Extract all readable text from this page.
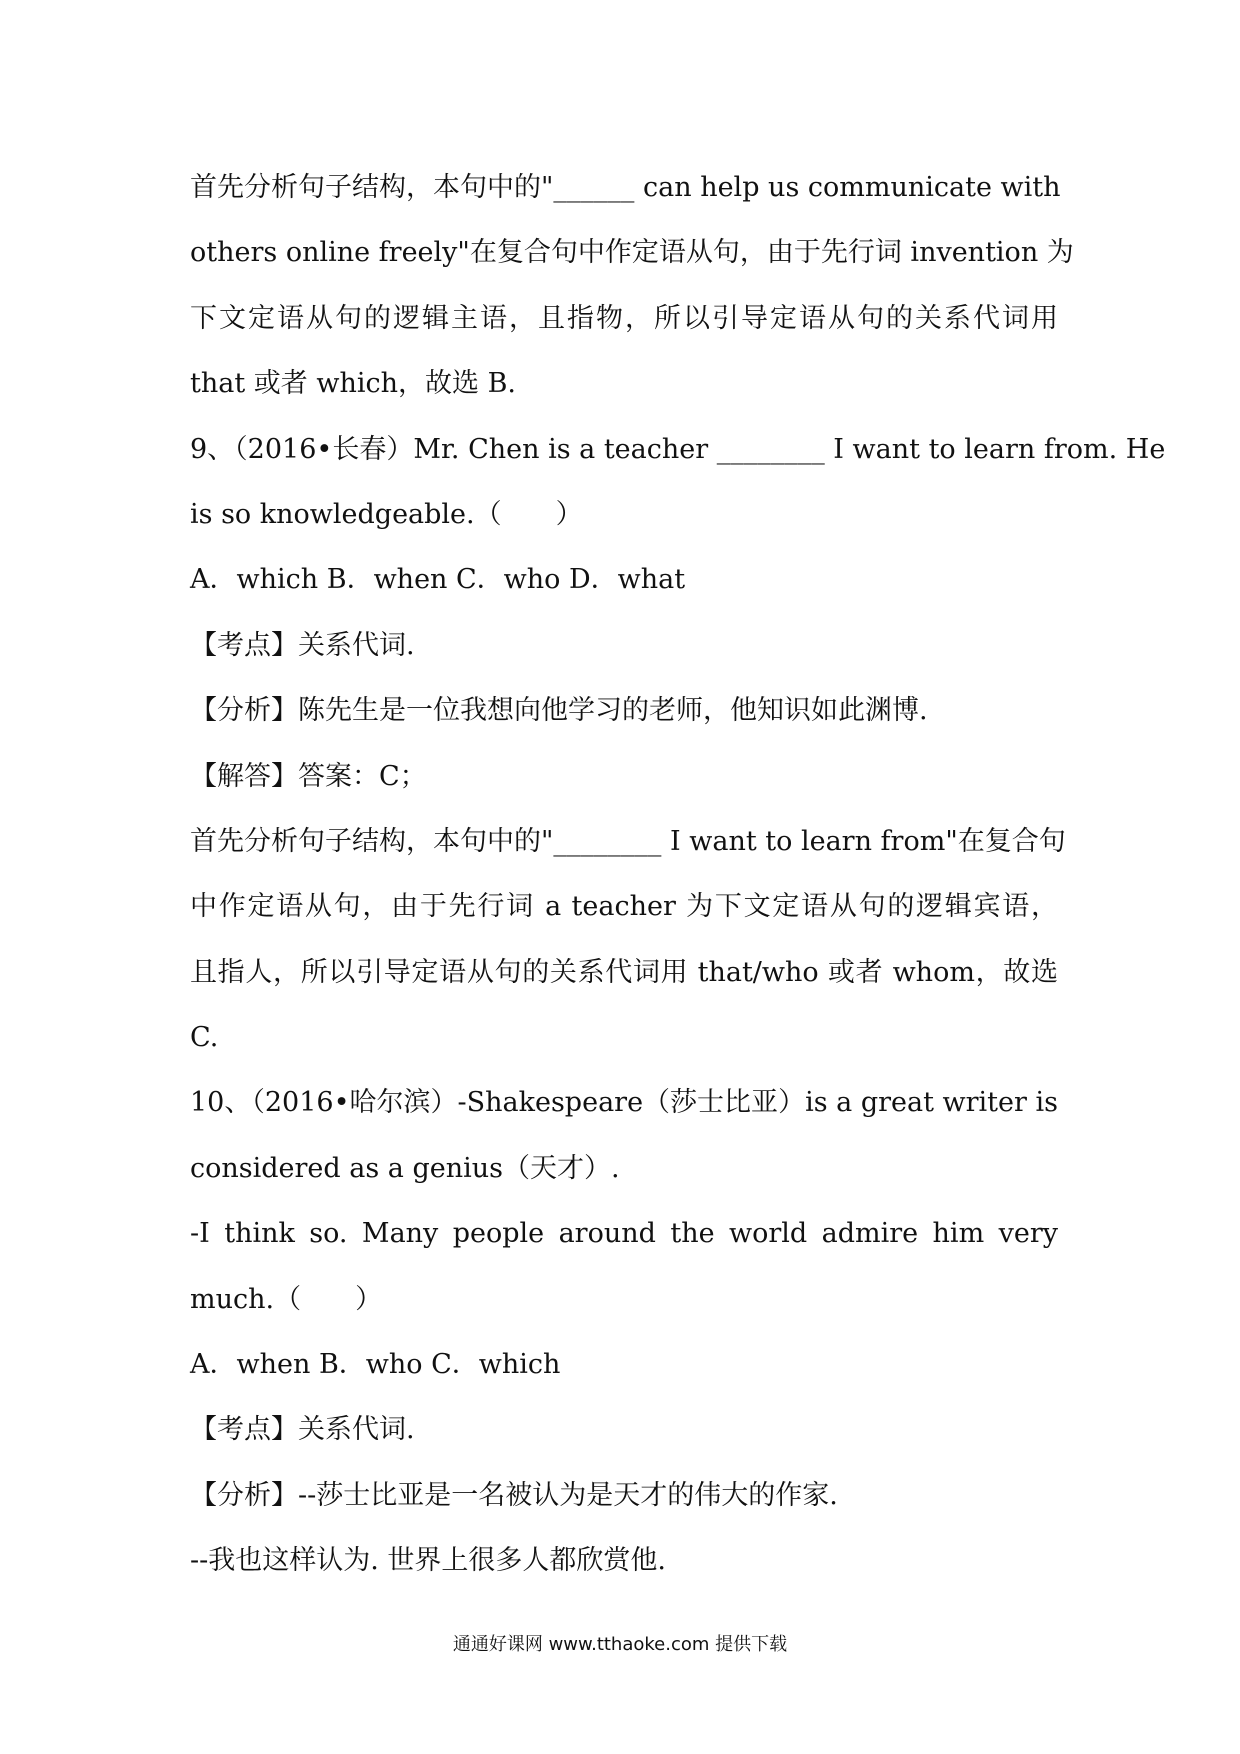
首先分析句子结构，本句中的"______ can help us communicate with
others online freely"在复合句中作定语从句，由于先行词 invention 为
下文定语从句的逻辑主语，且指物，所以引导定语从句的关系代词用
that 或者 which，故选 B.
9、（2016•长春）Mr. Chen is a teacher ________ I want to learn from. He
is so knowledgeable.（　　）
A．which B．when C．who D．what
【考点】关系代词.
【分析】陈先生是一位我想向他学习的老师，他知识如此渊博.
【解答】答案：C；
首先分析句子结构，本句中的"________ I want to learn from"在复合句
中作定语从句，由于先行词 a teacher 为下文定语从句的逻辑宾语，
且指人，所以引导定语从句的关系代词用 that/who 或者 whom，故选
C.
10、（2016•哈尔滨）-Shakespeare（莎士比亚）is a great writer is
considered as a genius（天才）.
-I think so. Many people around the world admire him very
much.（　　）
A．when B．who C．which
【考点】关系代词.
【分析】--莎士比亚是一名被认为是天才的伟大的作家.
--我也这样认为. 世界上很多人都欣赏他.
通通好课网 www.tthaoke.com 提供下载
